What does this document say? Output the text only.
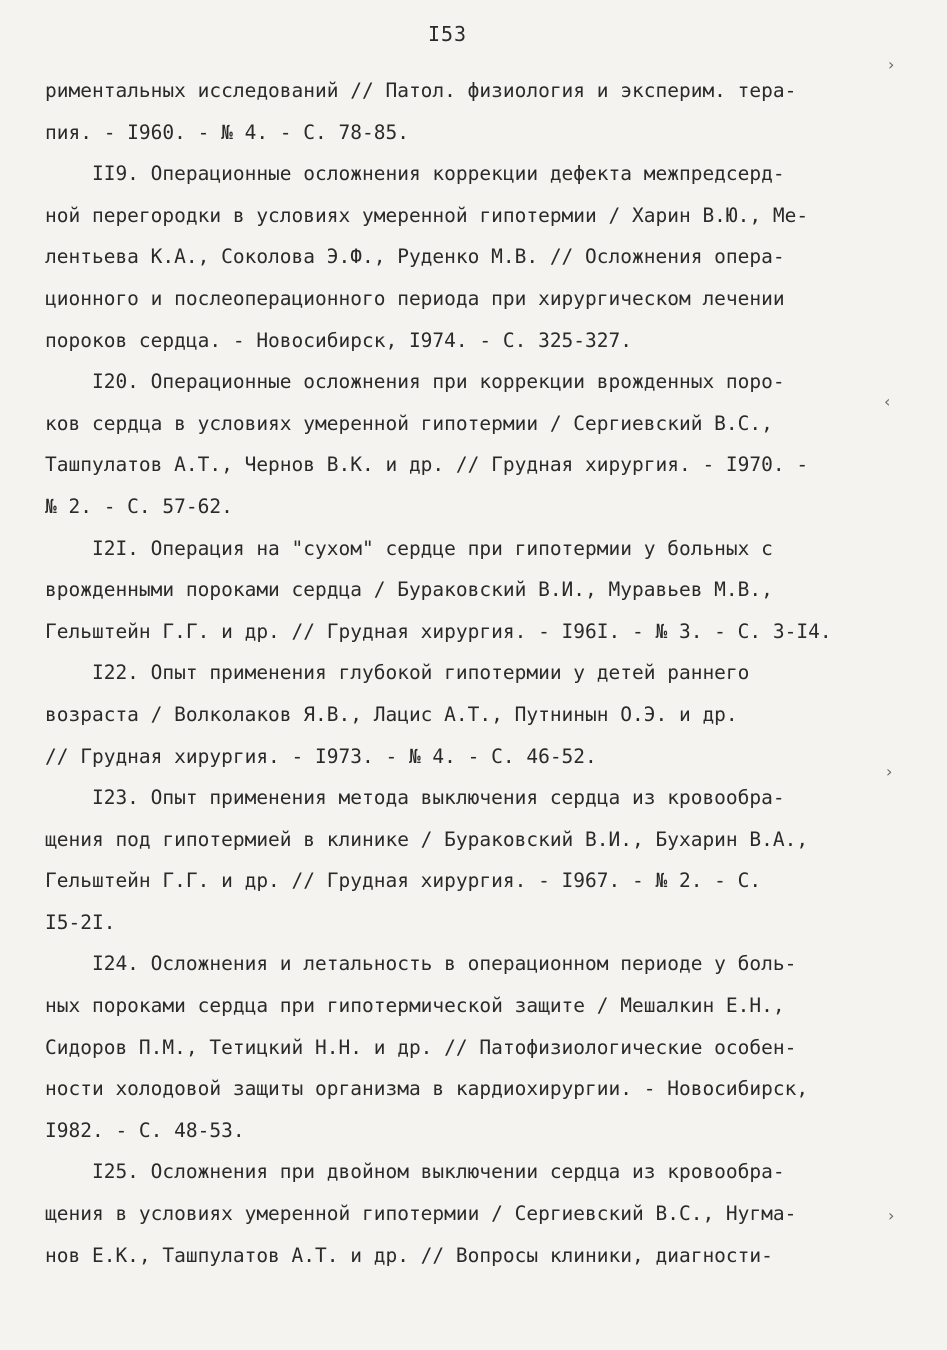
I53
риментальных исследований // Патол. физиология и эксперим. тера-
пия. - I960. - № 4. - С. 78-85.
II9. Операционные осложнения коррекции дефекта межпредсерд-
ной перегородки в условиях умеренной гипотермии / Харин В.Ю., Ме-
лентьева К.А., Соколова Э.Ф., Руденко М.В. // Осложнения опера-
ционного и послеоперационного периода при хирургическом лечении
пороков сердца. - Новосибирск, I974. - С. 325-327.
I20. Операционные осложнения при коррекции врожденных поро-
ков сердца в условиях умеренной гипотермии / Сергиевский В.С.,
Ташпулатов А.Т., Чернов В.К. и др. // Грудная хирургия. - I970. -
№ 2. - С. 57-62.
I2I. Операция на "сухом" сердце при гипотермии у больных с
врожденными пороками сердца / Бураковский В.И., Муравьев М.В.,
Гельштейн Г.Г. и др. // Грудная хирургия. - I96I. - № 3. - С. 3-I4.
I22. Опыт применения глубокой гипотермии у детей раннего
возраста / Волколаков Я.В., Лацис А.Т., Путнинын О.Э. и др.
// Грудная хирургия. - I973. - № 4. - С. 46-52.
I23. Опыт применения метода выключения сердца из кровообра-
щения под гипотермией в клинике / Бураковский В.И., Бухарин В.А.,
Гельштейн Г.Г. и др. // Грудная хирургия. - I967. - № 2. - С.
I5-2I.
I24. Осложнения и летальность в операционном периоде у боль-
ных пороками сердца при гипотермической защите / Мешалкин Е.Н.,
Сидоров П.М., Тетицкий Н.Н. и др. // Патофизиологические особен-
ности холодовой защиты организма в кардиохирургии. - Новосибирск,
I982. - С. 48-53.
I25. Осложнения при двойном выключении сердца из кровообра-
щения в условиях умеренной гипотермии / Сергиевский В.С., Нугма-
нов Е.К., Ташпулатов А.Т. и др. // Вопросы клиники, диагности-
›
‹
›
›
